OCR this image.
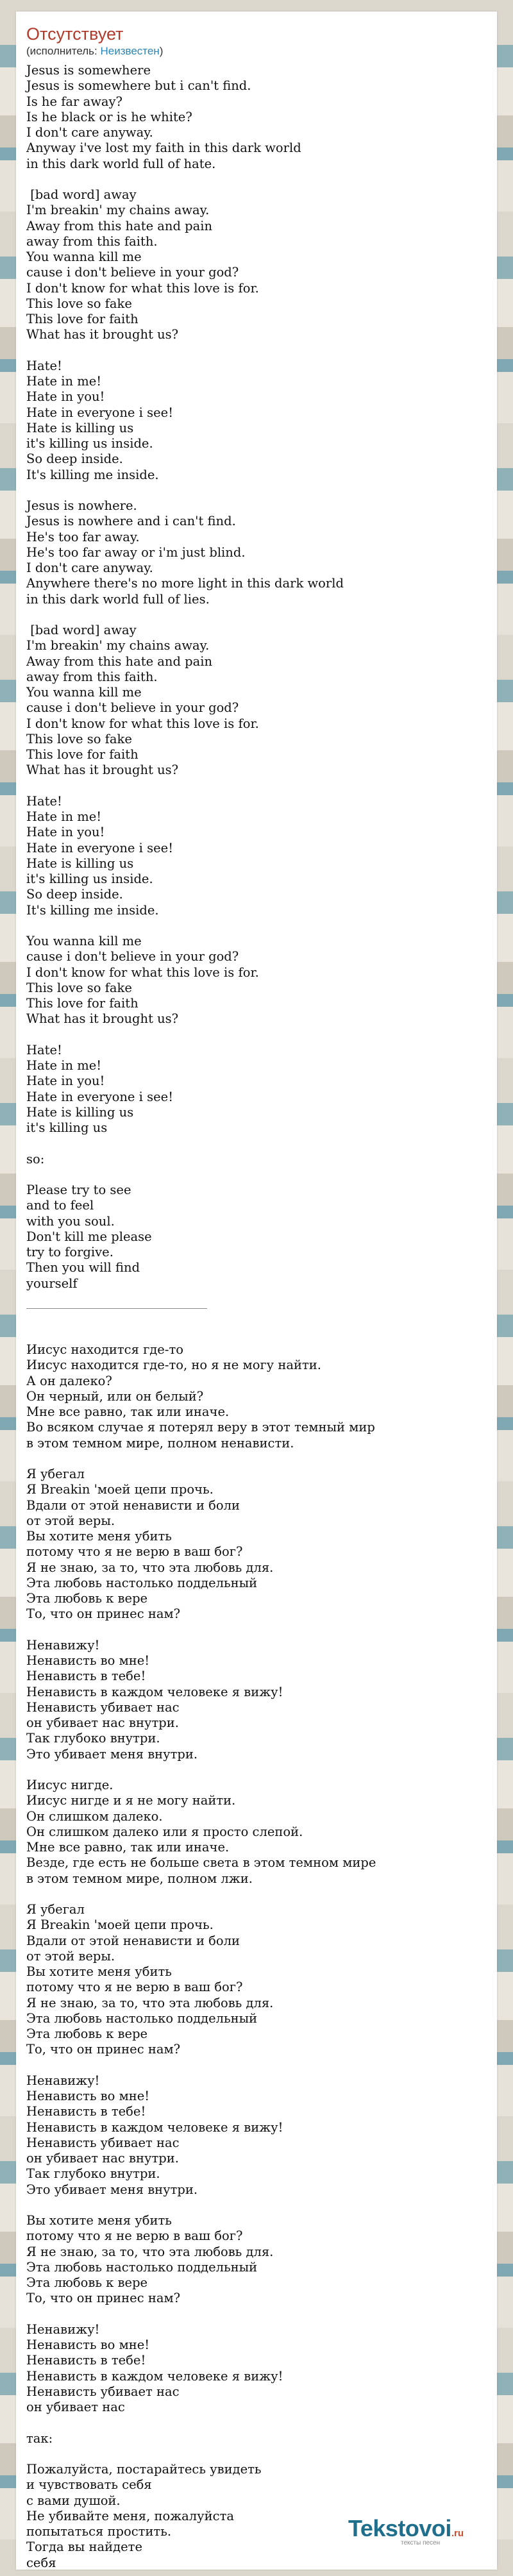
Отсутствует
(исполнитель: Неизвестен)
Jesus is somewhere
Jesus is somewhere but i can't find.
Is he far away?
Is he black or is he white?
I don't care anyway.
Anyway i've lost my faith in this dark world
in this dark world full of hate.

[bad word] away
I'm breakin' my chains away.
Away from this hate and pain
away from this faith.
You wanna kill me
cause i don't believe in your god?
I don't know for what this love is for.
This love so fake
This love for faith
What has it brought us?

Hate!
Hate in me!
Hate in you!
Hate in everyone i see!
Hate is killing us
it's killing us inside.
So deep inside.
It's killing me inside.

Jesus is nowhere.
Jesus is nowhere and i can't find.
He's too far away.
He's too far away or i'm just blind.
I don't care anyway.
Anywhere there's no more light in this dark world
in this dark world full of lies.

[bad word] away
I'm breakin' my chains away.
Away from this hate and pain
away from this faith.
You wanna kill me
cause i don't believe in your god?
I don't know for what this love is for.
This love so fake
This love for faith
What has it brought us?

Hate!
Hate in me!
Hate in you!
Hate in everyone i see!
Hate is killing us
it's killing us inside.
So deep inside.
It's killing me inside.

You wanna kill me
cause i don't believe in your god?
I don't know for what this love is for.
This love so fake
This love for faith
What has it brought us?

Hate!
Hate in me!
Hate in you!
Hate in everyone i see!
Hate is killing us
it's killing us

so:

Please try to see
and to feel
with you soul.
Don't kill me please
try to forgive.
Then you will find
yourself
Иисус находится где-то
Иисус находится где-то, но я не могу найти.
А он далеко?
Он черный, или он белый?
Мне все равно, так или иначе.
Во всяком случае я потерял веру в этот темный мир
в этом темном мире, полном ненависти.

Я убегал
Я Breakin 'моей цепи прочь.
Вдали от этой ненависти и боли
от этой веры.
Вы хотите меня убить
потому что я не верю в ваш бог?
Я не знаю, за то, что эта любовь для.
Эта любовь настолько поддельный
Эта любовь к вере
То, что он принес нам?

Ненавижу!
Ненависть во мне!
Ненависть в тебе!
Ненависть в каждом человеке я вижу!
Ненависть убивает нас
он убивает нас внутри.
Так глубоко внутри.
Это убивает меня внутри.

Иисус нигде.
Иисус нигде и я не могу найти.
Он слишком далеко.
Он слишком далеко или я просто слепой.
Мне все равно, так или иначе.
Везде, где есть не больше света в этом темном мире
в этом темном мире, полном лжи.

Я убегал
Я Breakin 'моей цепи прочь.
Вдали от этой ненависти и боли
от этой веры.
Вы хотите меня убить
потому что я не верю в ваш бог?
Я не знаю, за то, что эта любовь для.
Эта любовь настолько поддельный
Эта любовь к вере
То, что он принес нам?

Ненавижу!
Ненависть во мне!
Ненависть в тебе!
Ненависть в каждом человеке я вижу!
Ненависть убивает нас
он убивает нас внутри.
Так глубоко внутри.
Это убивает меня внутри.

Вы хотите меня убить
потому что я не верю в ваш бог?
Я не знаю, за то, что эта любовь для.
Эта любовь настолько поддельный
Эта любовь к вере
То, что он принес нам?

Ненавижу!
Ненависть во мне!
Ненависть в тебе!
Ненависть в каждом человеке я вижу!
Ненависть убивает нас
он убивает нас

так:

Пожалуйста, постарайтесь увидеть
и чувствовать себя
с вами душой.
Не убивайте меня, пожалуйста
попытаться простить.
Тогда вы найдете
себя
Tekstovoi.ru
тексты песен
